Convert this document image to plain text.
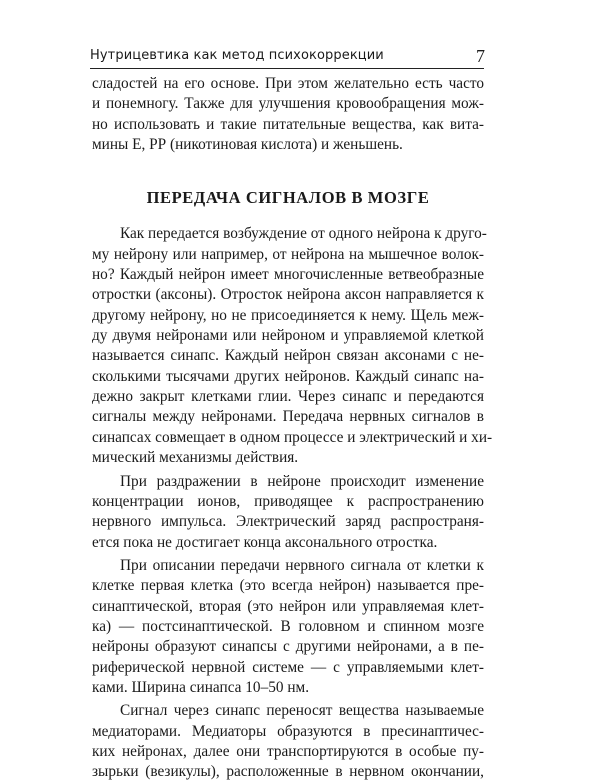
Нутрицевтика как метод психокоррекции	7
сладостей на его основе. При этом желательно есть часто
и понемногу. Также для улучшения кровообращения мож-
но использовать и такие питательные вещества, как вита-
мины Е, РР (никотиновая кислота) и женьшень.
ПЕРЕДАЧА СИГНАЛОВ В МОЗГЕ
Как передается возбуждение от одного нейрона к друго-
му нейрону или например, от нейрона на мышечное волок-
но? Каждый нейрон имеет многочисленные ветвеобразные
отростки (аксоны). Отросток нейрона аксон направляется к
другому нейрону, но не присоединяется к нему. Щель меж-
ду двумя нейронами или нейроном и управляемой клеткой
называется синапс. Каждый нейрон связан аксонами с не-
сколькими тысячами других нейронов. Каждый синапс на-
дежно закрыт клетками глии. Через синапс и передаются
сигналы между нейронами. Передача нервных сигналов в
синапсах совмещает в одном процессе и электрический и хи-
мический механизмы действия.
При раздражении в нейроне происходит изменение
концентрации ионов, приводящее к распространению
нервного импульса. Электрический заряд распространя-
ется пока не достигает конца аксонального отростка.
При описании передачи нервного сигнала от клетки к
клетке первая клетка (это всегда нейрон) называется пре-
синаптической, вторая (это нейрон или управляемая клет-
ка) — постсинаптической. В головном и спинном мозге
нейроны образуют синапсы с другими нейронами, а в пе-
риферической нервной системе — с управляемыми клет-
ками. Ширина синапса 10–50 нм.
Сигнал через синапс переносят вещества называемые
медиаторами. Медиаторы образуются в пресинаптичес-
ких нейронах, далее они транспортируются в особые пу-
зырьки (везикулы), расположенные в нервном окончании,
